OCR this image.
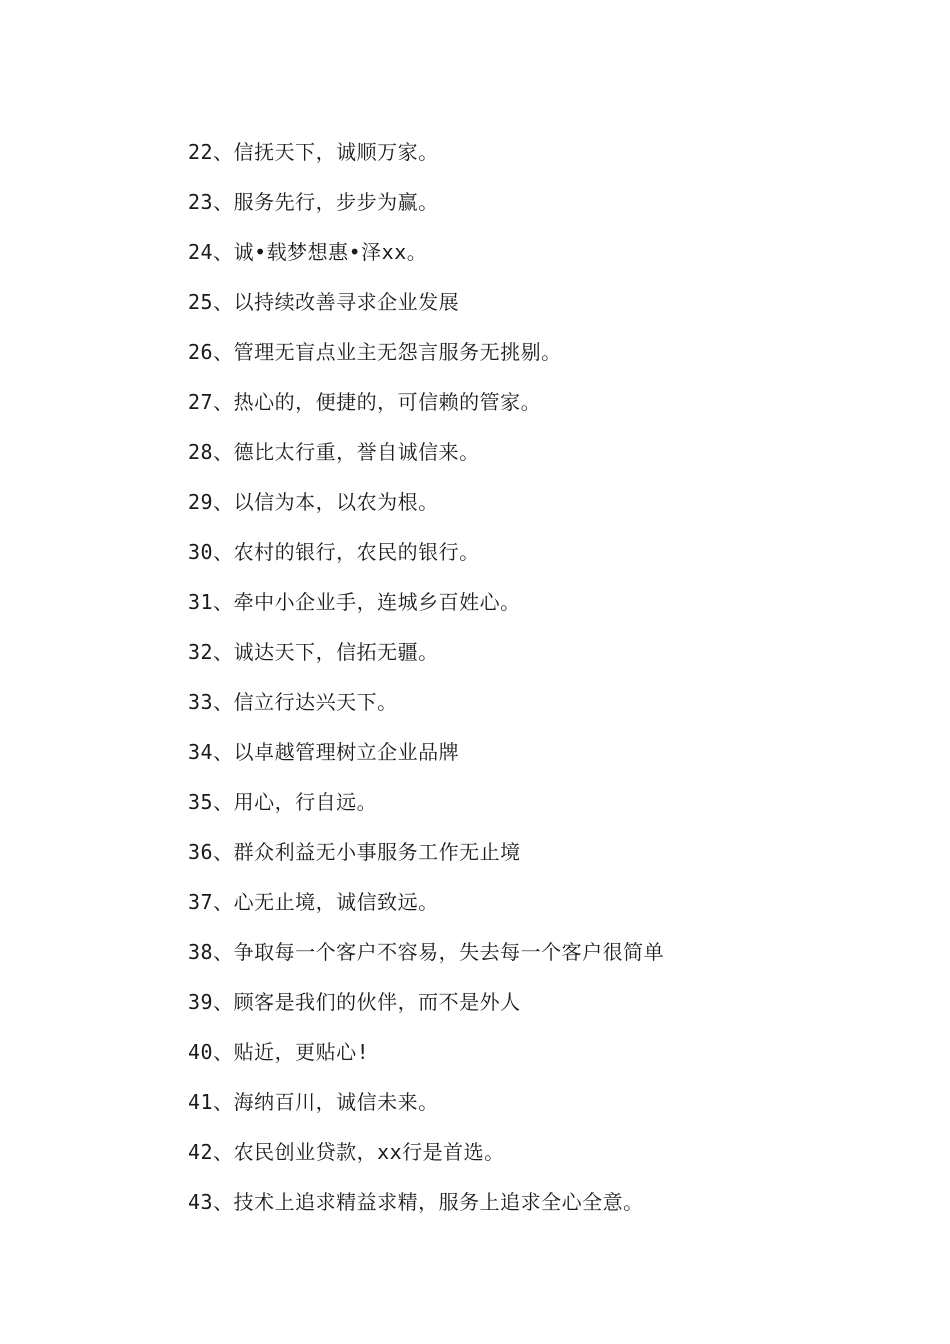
22、信抚天下，诚顺万家。
23、服务先行，步步为赢。
24、诚•载梦想惠•泽xx。
25、以持续改善寻求企业发展
26、管理无盲点业主无怨言服务无挑剔。
27、热心的，便捷的，可信赖的管家。
28、德比太行重，誉自诚信来。
29、以信为本，以农为根。
30、农村的银行，农民的银行。
31、牵中小企业手，连城乡百姓心。
32、诚达天下，信拓无疆。
33、信立行达兴天下。
34、以卓越管理树立企业品牌
35、用心，行自远。
36、群众利益无小事服务工作无止境
37、心无止境，诚信致远。
38、争取每一个客户不容易，失去每一个客户很简单
39、顾客是我们的伙伴，而不是外人
40、贴近，更贴心!
41、海纳百川，诚信未来。
42、农民创业贷款，xx行是首选。
43、技术上追求精益求精，服务上追求全心全意。
